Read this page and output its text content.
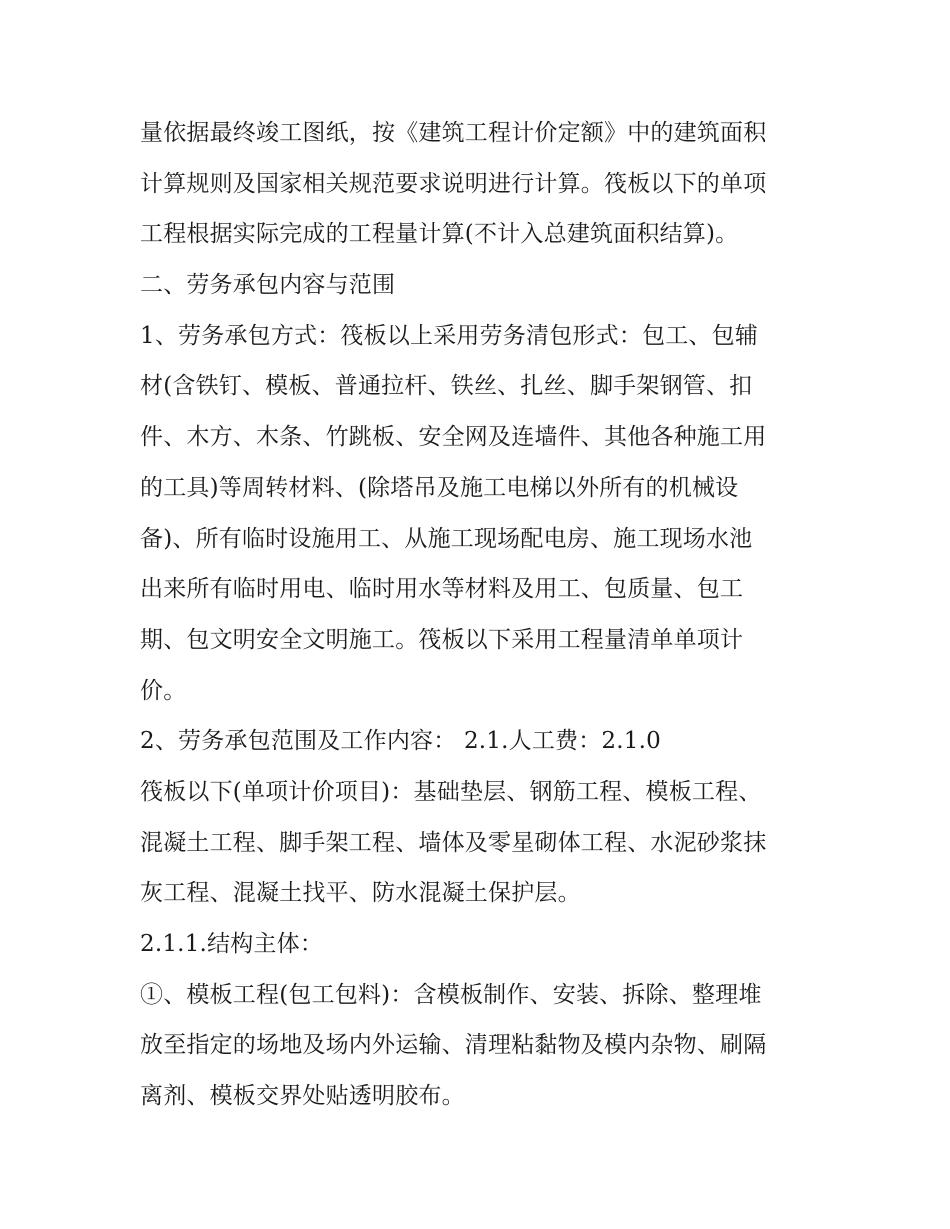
量依据最终竣工图纸，按《建筑工程计价定额》中的建筑面积
计算规则及国家相关规范要求说明进行计算。筏板以下的单项
工程根据实际完成的工程量计算(不计入总建筑面积结算)。
二、劳务承包内容与范围
1、劳务承包方式：筏板以上采用劳务清包形式：包工、包辅
材(含铁钉、模板、普通拉杆、铁丝、扎丝、脚手架钢管、扣
件、木方、木条、竹跳板、安全网及连墙件、其他各种施工用
的工具)等周转材料、(除塔吊及施工电梯以外所有的机械设
备)、所有临时设施用工、从施工现场配电房、施工现场水池
出来所有临时用电、临时用水等材料及用工、包质量、包工
期、包文明安全文明施工。筏板以下采用工程量清单单项计
价。
2、劳务承包范围及工作内容： 2.1.人工费：2.1.0
筏板以下(单项计价项目)：基础垫层、钢筋工程、模板工程、
混凝土工程、脚手架工程、墙体及零星砌体工程、水泥砂浆抹
灰工程、混凝土找平、防水混凝土保护层。
2.1.1.结构主体：
①、模板工程(包工包料)：含模板制作、安装、拆除、整理堆
放至指定的场地及场内外运输、清理粘黏物及模内杂物、刷隔
离剂、模板交界处贴透明胶布。
